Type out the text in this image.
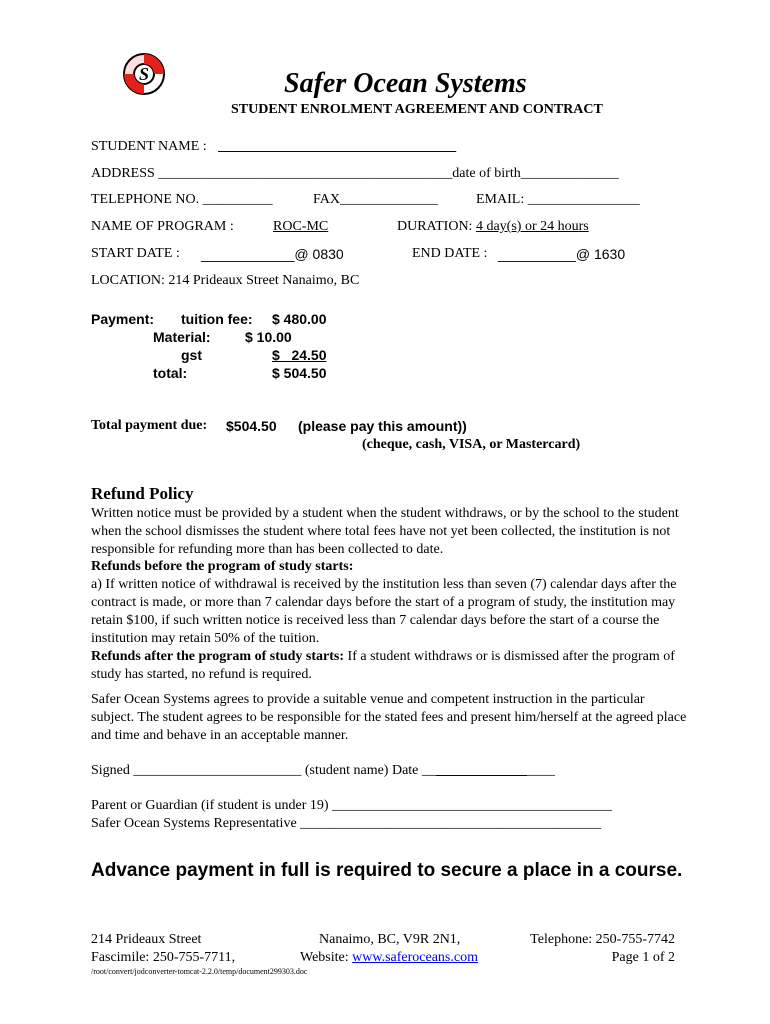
S	Safer Ocean Systems
STUDENT ENROLMENT AGREEMENT AND CONTRACT
STUDENT NAME : __________________________________
ADDRESS __________________________________________date of birth______________
TELEPHONE NO. __________	FAX______________	EMAIL: ________________
NAME OF PROGRAM :	ROC-MC	DURATION: 4 day(s) or 24 hours
START DATE : ____________@ 0830	END DATE : __________@ 1630
LOCATION: 214 Prideaux Street Nanaimo, BC
Payment: tuition fee: $ 480.00
Material: $ 10.00
gst	$_ 24.50
total:	$ 504.50
Total payment due: $504.50 (please pay this amount))
(cheque, cash, VISA, or Mastercard)
Refund Policy
Written notice must be provided by a student when the student withdraws, or by the school to the student when the school dismisses the student where total fees have not yet been collected, the institution is not responsible for refunding more than has been collected to date.
Refunds before the program of study starts:
a) If written notice of withdrawal is received by the institution less than seven (7) calendar days after the contract is made, or more than 7 calendar days before the start of a program of study, the institution may retain $100, if such written notice is received less than 7 calendar days before the start of a course the institution may retain 50% of the tuition.
Refunds after the program of study starts: If a student withdraws or is dismissed after the program of study has started, no refund is required.
Safer Ocean Systems agrees to provide a suitable venue and competent instruction in the particular subject. The student agrees to be responsible for the stated fees and present him/herself at the agreed place and time and behave in an acceptable manner.
Signed ________________________ (student name) Date ___________________
Parent or Guardian (if student is under 19) ________________________________________
Safer Ocean Systems Representative ___________________________________________
Advance payment in full is required to secure a place in a course.
214 Prideaux Street	Nanaimo, BC, V9R 2N1,	Telephone: 250-755-7742
Fascimile: 250-755-7711,	Website: www.saferoceans.com	Page 1 of 2
/root/convert/jodconverter-tomcat-2.2.0/temp/document299303.doc
